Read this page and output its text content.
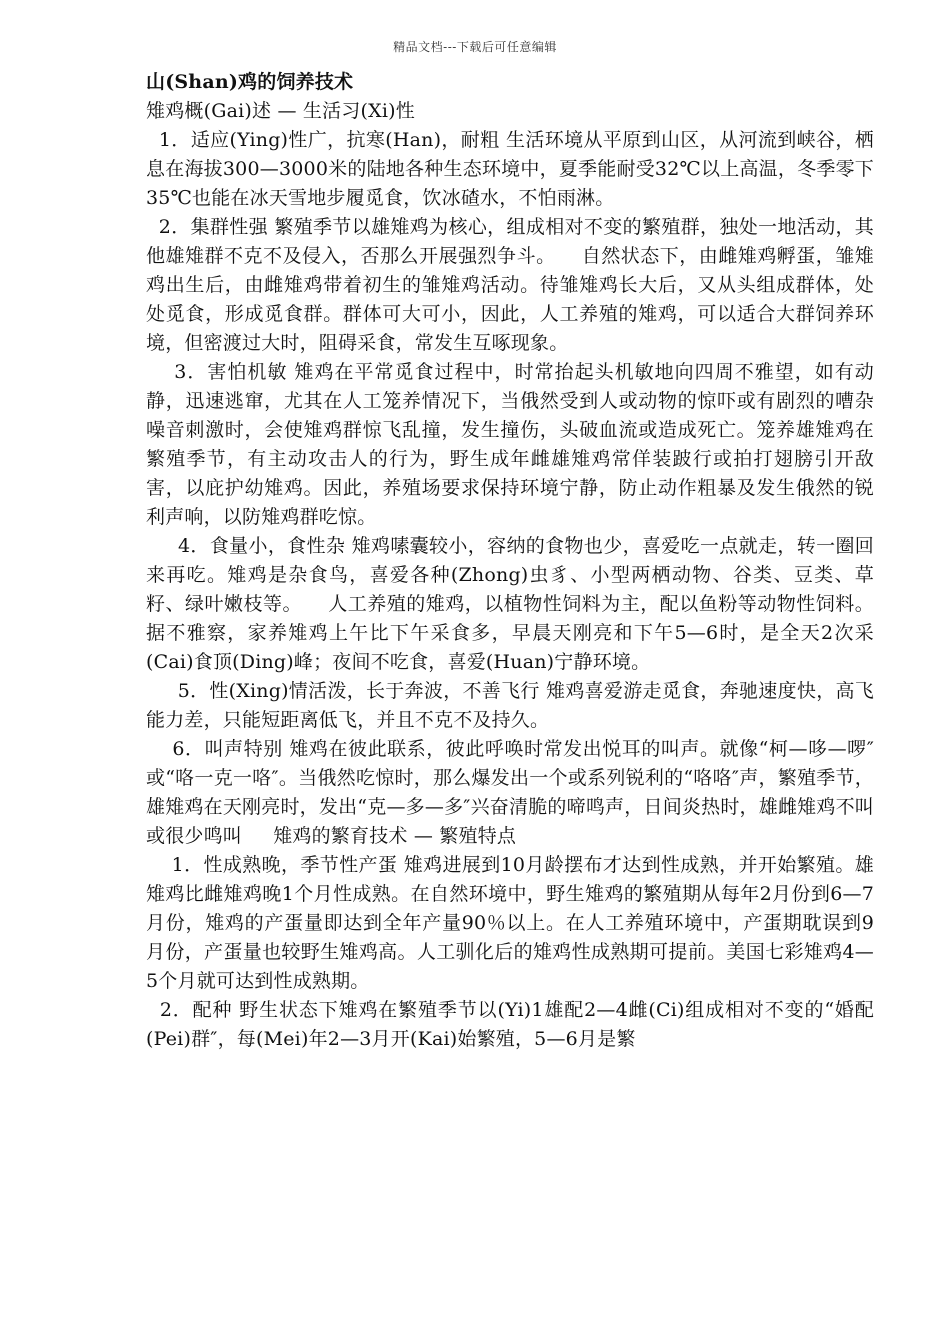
精品文档---下载后可任意编辑
山(Shan)鸡的饲养技术
雉鸡概(Gai)述 — 生活习(Xi)性

1．适应(Ying)性广，抗寒(Han)，耐粗 生活环境从平原到山区，从河流到峡谷，栖息在海拔300—3000米的陆地各种生态环境中，夏季能耐受32℃以上高温，冬季零下35℃也能在冰天雪地步履觅食，饮冰碴水，不怕雨淋。

2．集群性强 繁殖季节以雄雉鸡为核心，组成相对不变的繁殖群，独处一地活动，其他雄雉群不克不及侵入，否那么开展强烈争斗。    自然状态下，由雌雉鸡孵蛋，雏雉鸡出生后，由雌雉鸡带着初生的雏雉鸡活动。待雏雉鸡长大后，又从头组成群体，处处觅食，形成觅食群。群体可大可小，因此，人工养殖的雉鸡，可以适合大群饲养环境，但密渡过大时，阻碍采食，常发生互啄现象。

3．害怕机敏 雉鸡在平常觅食过程中，时常抬起头机敏地向四周不雅望，如有动静，迅速逃窜，尤其在人工笼养情况下，当俄然受到人或动物的惊吓或有剧烈的嘈杂噪音刺激时，会使雉鸡群惊飞乱撞，发生撞伤，头破血流或造成死亡。笼养雄雉鸡在繁殖季节，有主动攻击人的行为，野生成年雌雄雉鸡常佯装跛行或拍打翅膀引开敌害，以庇护幼雉鸡。因此，养殖场要求保持环境宁静，防止动作粗暴及发生俄然的锐利声响，以防雉鸡群吃惊。

4．食量小，食性杂 雉鸡嗉囊较小，容纳的食物也少，喜爱吃一点就走，转一圈回来再吃。雉鸡是杂食鸟，喜爱各种(Zhong)虫豸、小型两栖动物、谷类、豆类、草籽、绿叶嫩枝等。    人工养殖的雉鸡，以植物性饲料为主，配以鱼粉等动物性饲料。据不雅察，家养雉鸡上午比下午采食多，早晨天刚亮和下午5—6时，是全天2次采(Cai)食顶(Ding)峰；夜间不吃食，喜爱(Huan)宁静环境。

5．性(Xing)情活泼，长于奔波，不善飞行 雉鸡喜爱游走觅食，奔驰速度快，高飞能力差，只能短距离低飞，并且不克不及持久。

6．叫声特别 雉鸡在彼此联系，彼此呼唤时常发出悦耳的叫声。就像“柯—哆—啰″或“咯一克一咯″。当俄然吃惊时，那么爆发出一个或系列锐利的“咯咯″声，繁殖季节，雄雉鸡在天刚亮时，发出“克—多—多″兴奋清脆的啼鸣声，日间炎热时，雄雌雉鸡不叫或很少鸣叫     雉鸡的繁育技术 — 繁殖特点

1．性成熟晚，季节性产蛋 雉鸡进展到10月龄摆布才达到性成熟，并开始繁殖。雄雉鸡比雌雉鸡晚1个月性成熟。在自然环境中，野生雉鸡的繁殖期从每年2月份到6—7月份，雉鸡的产蛋量即达到全年产量90％以上。在人工养殖环境中，产蛋期耽误到9月份，产蛋量也较野生雉鸡高。人工驯化后的雉鸡性成熟期可提前。美国七彩雉鸡4—5个月就可达到性成熟期。

2．配种 野生状态下雉鸡在繁殖季节以(Yi)1雄配2—4雌(Ci)组成相对不变的“婚配(Pei)群″，每(Mei)年2—3月开(Kai)始繁殖，5—6月是繁
